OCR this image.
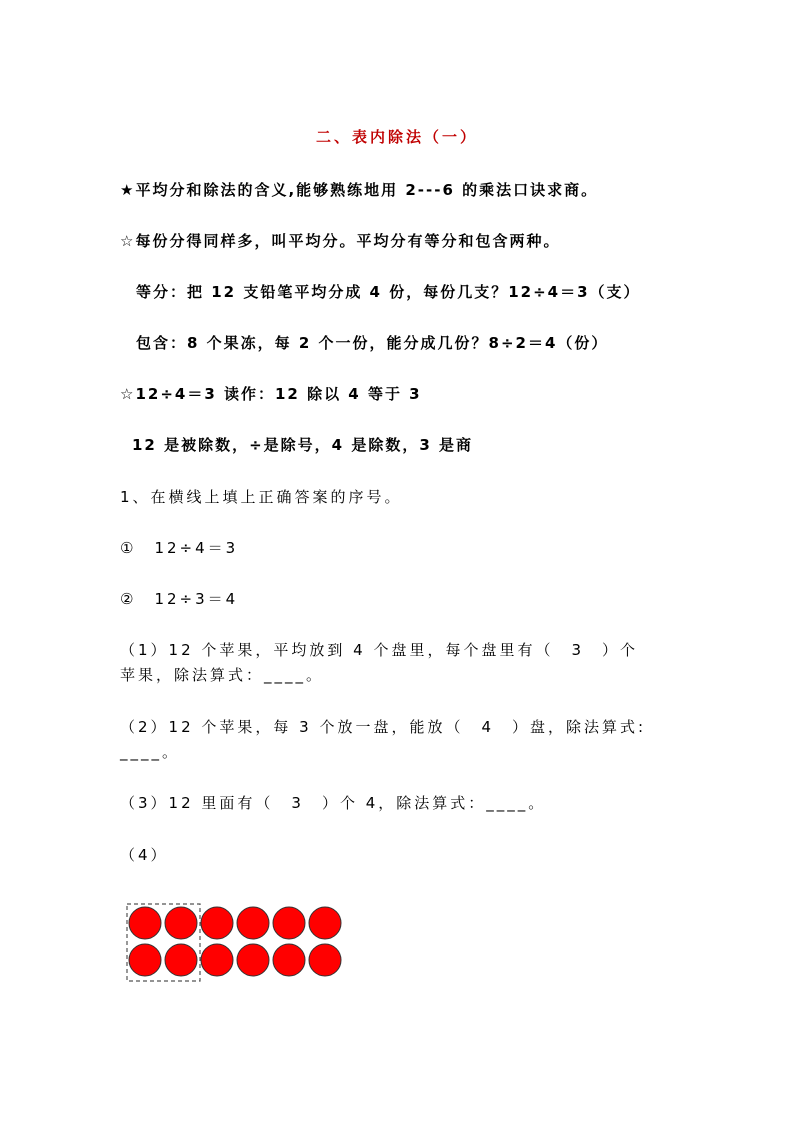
二、表内除法（一）
★平均分和除法的含义,能够熟练地用 2---6 的乘法口诀求商。
☆每份分得同样多，叫平均分。平均分有等分和包含两种。
等分：把 12 支铅笔平均分成 4 份，每份几支？12÷4＝3（支）
包含：8 个果冻，每 2 个一份，能分成几份？8÷2＝4（份）
☆12÷4＝3 读作：12 除以 4 等于 3
12 是被除数，÷是除号，4 是除数，3 是商
1、在横线上填上正确答案的序号。
①　12÷4＝3
②　12÷3＝4
（1）12 个苹果，平均放到 4 个盘里，每个盘里有（　3　）个
苹果，除法算式：____。
（2）12 个苹果，每 3 个放一盘，能放（　4　）盘，除法算式:
____。
（3）12 里面有（　3　）个 4，除法算式：____。
（4）
